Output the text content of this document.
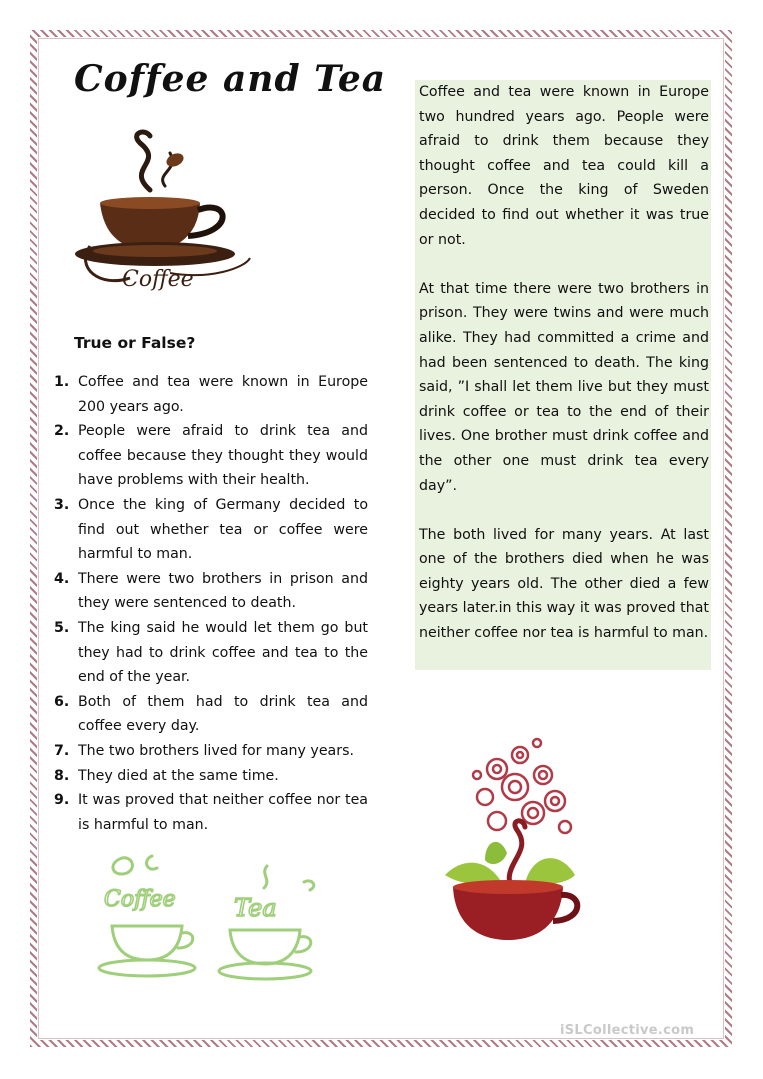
Coffee and Tea
Coffee
True or False?
1. Coffee and tea were known in Europe 200 years ago.
2. People were afraid to drink tea and coffee because they thought they would have problems with their health.
3. Once the king of Germany decided to find out whether tea or coffee were harmful to man.
4. There were two brothers in prison and they were sentenced to death.
5. The king said he would let them go but they had to drink coffee and tea to the end of the year.
6. Both of them had to drink tea and coffee every day.
7. The two brothers lived for many years.
8. They died at the same time.
9. It was proved that neither coffee nor tea is harmful to man.

Coffee and tea were known in Europe two hundred years ago. People were afraid to drink them because they thought coffee and tea could kill a person. Once the king of Sweden decided to find out whether it was true or not.

At that time there were two brothers in prison. They were twins and were much alike. They had committed a crime and had been sentenced to death. The king said, ”I shall let them live but they must drink coffee or tea to the end of their lives. One brother must drink coffee and the other one must drink tea every day”.

The both lived for many years. At last one of the brothers died when he was eighty years old. The other died a few years later.in this way it was proved that neither coffee nor tea is harmful to man.

Coffee Tea
iSLCollective.com
